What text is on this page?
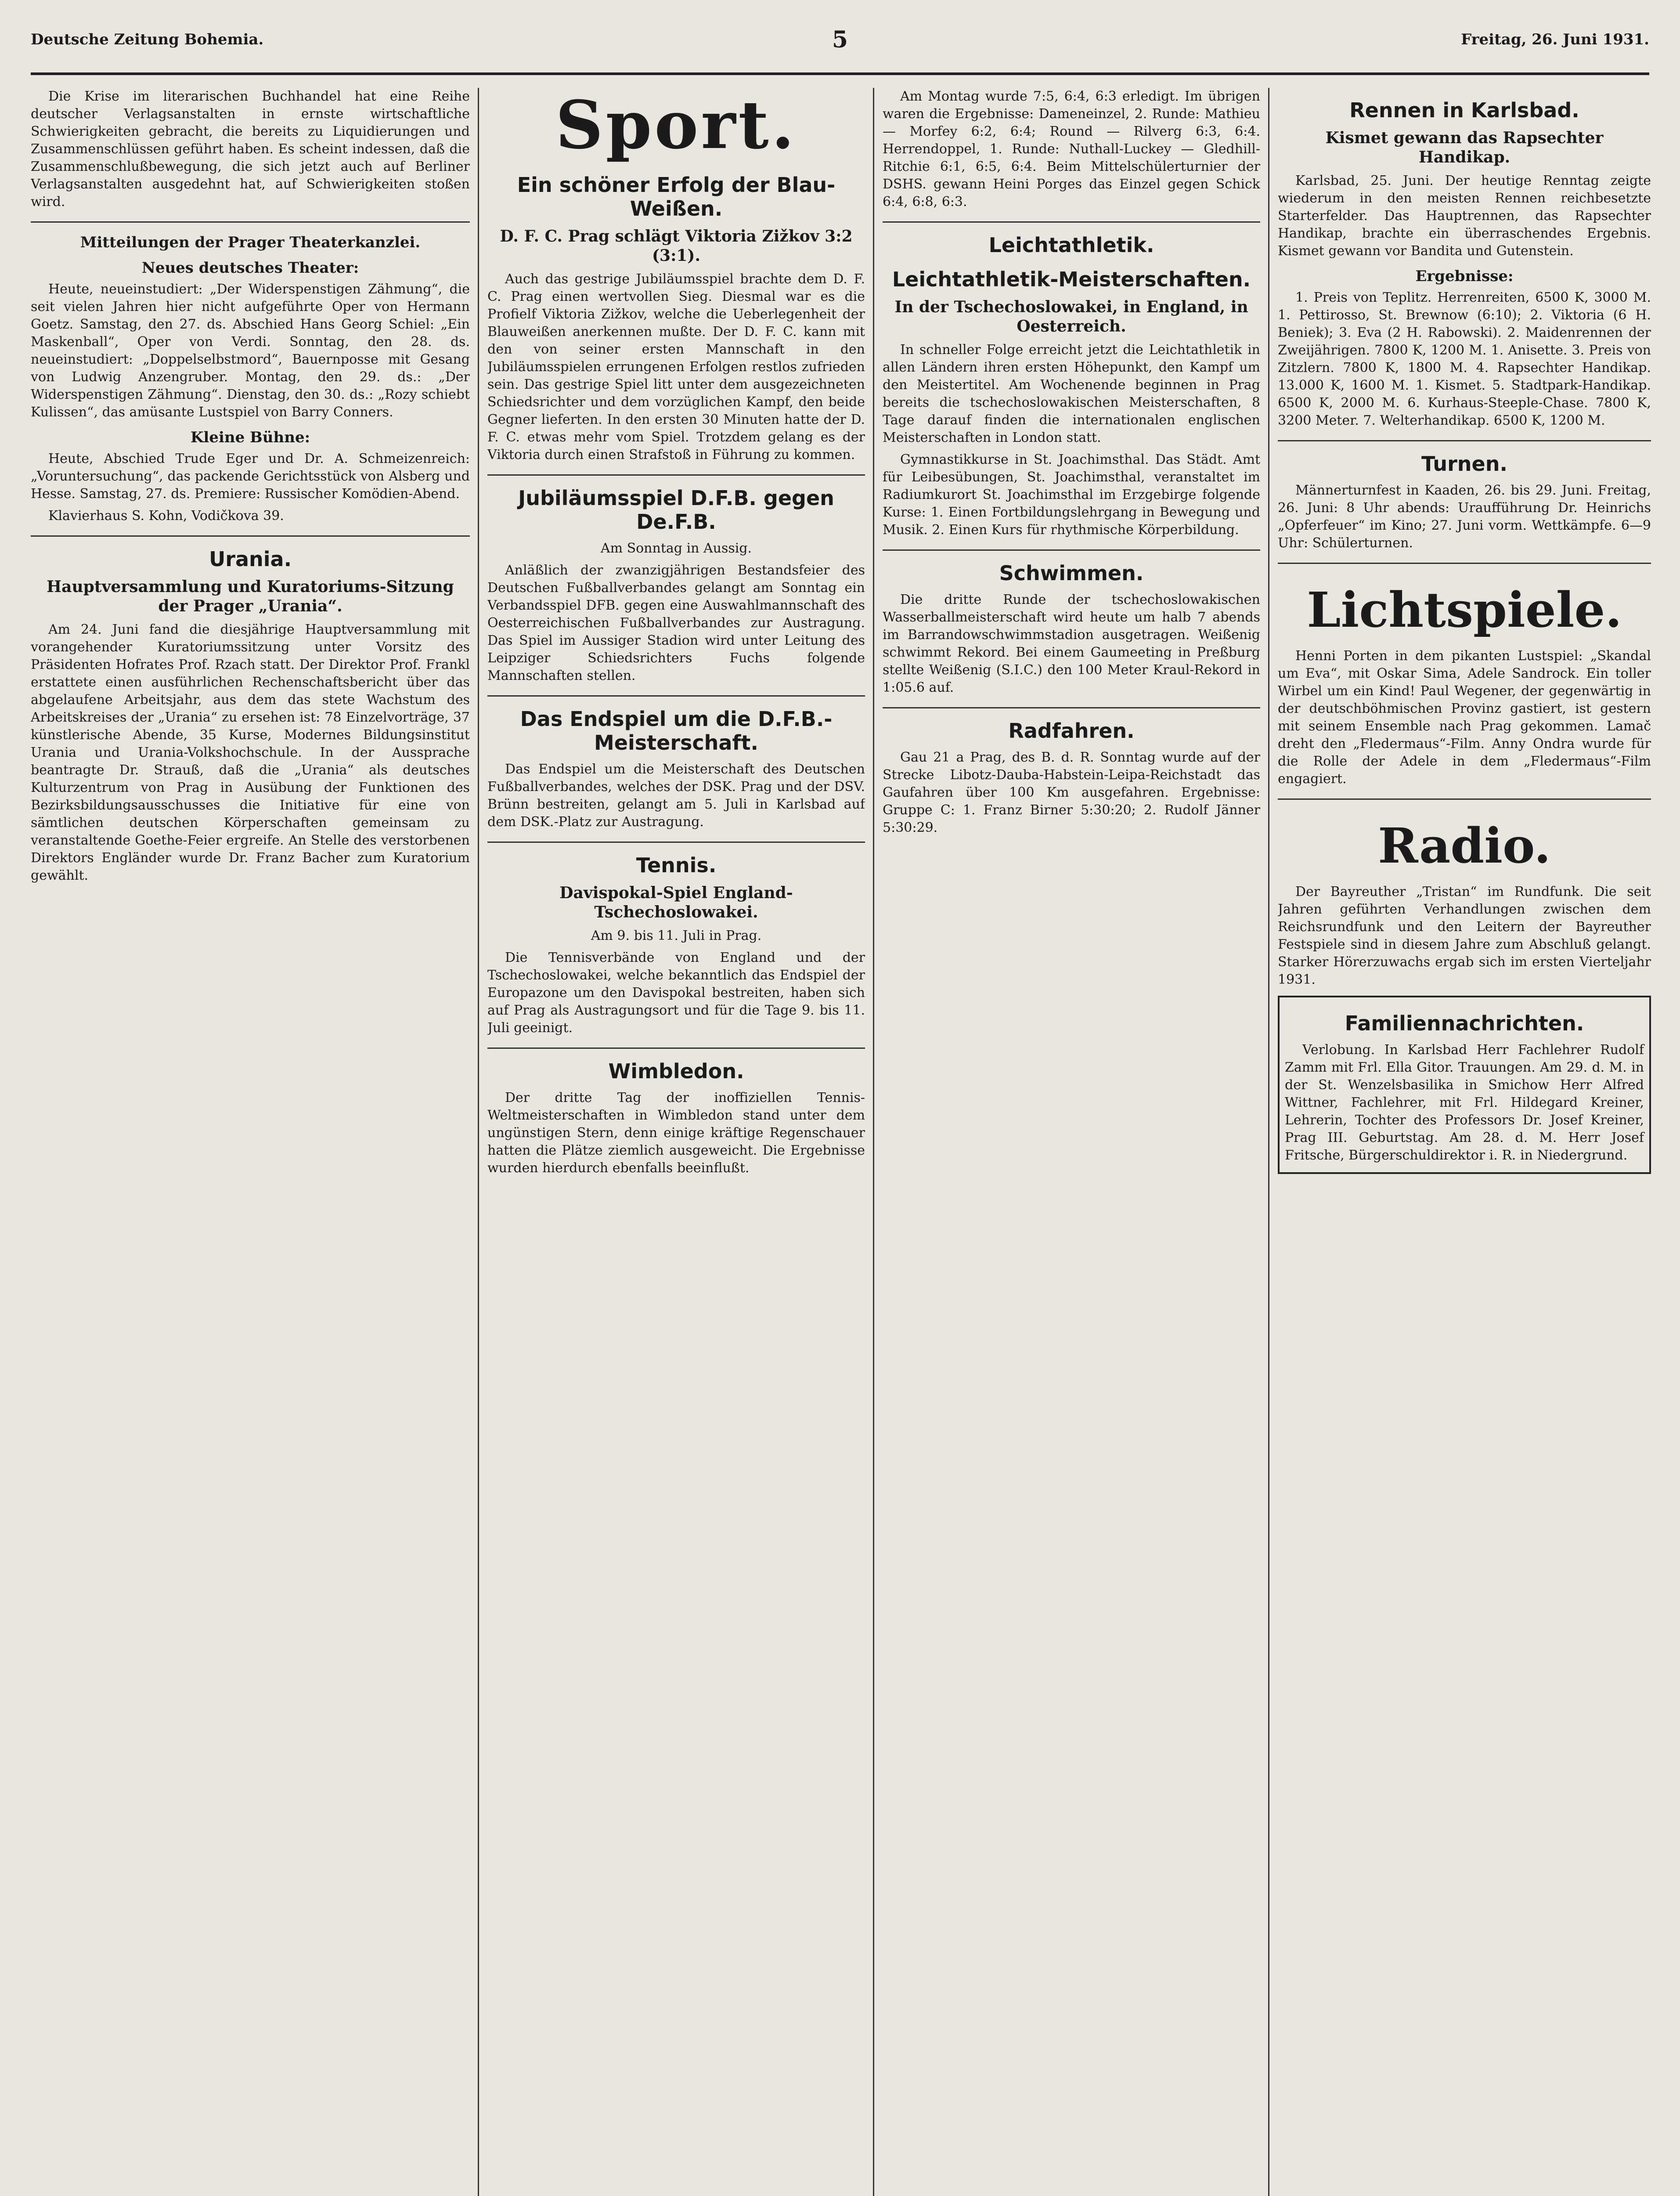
Deutsche Zeitung Bohemia.	5	Freitag, 26. Juni 1931.

Die Krise im literarischen Buchhandel hat eine Reihe deutscher Verlagsanstalten in ernste wirtschaftliche Schwierigkeiten gebracht, die bereits zu Liquidierungen und Zusammenschlüssen geführt haben. Es scheint indessen, daß die Zusammenschlußbewegung, die sich jetzt auch auf Berliner Verlagsanstalten ausgedehnt hat, auf Schwierigkeiten stoßen wird.

Mitteilungen der Prager Theaterkanzlei.
Neues deutsches Theater:

Heute, neueinstudiert: „Der Widerspenstigen Zähmung“, die seit vielen Jahren hier nicht aufgeführte Oper von Hermann Goetz. Samstag, den 27. ds. Abschied Hans Georg Schiel: „Ein Maskenball“, Oper von Verdi. Sonntag, den 28. ds. neueinstudiert: „Doppelselbstmord“, Bauernposse mit Gesang von Ludwig Anzengruber. Montag, den 29. ds.: „Der Widerspenstigen Zähmung“. Dienstag, den 30. ds.: „Rozy schiebt Kulissen“, das amüsante Lustspiel von Barry Conners.

Kleine Bühne:

Heute, Abschied Trude Eger und Dr. A. Schmeizenreich: „Voruntersuchung“, das packende Gerichtsstück von Alsberg und Hesse. Samstag, 27. ds. Premiere: Russischer Komödien-Abend.

Klavierhaus S. Kohn, Vodičkova 39.

Urania.
Hauptversammlung und Kuratoriums-Sitzung der Prager „Urania“.

Am 24. Juni fand die diesjährige Hauptversammlung mit vorangehender Kuratoriumssitzung unter Vorsitz des Präsidenten Hofrates Prof. Rzach statt. Der Direktor Prof. Frankl erstattete einen ausführlichen Rechenschaftsbericht über das abgelaufene Arbeitsjahr, aus dem das stete Wachstum des Arbeitskreises der „Urania“ zu ersehen ist: 78 Einzelvorträge, 37 künstlerische Abende, 35 Kurse, Modernes Bildungsinstitut Urania und Urania-Volkshochschule. In der Aussprache beantragte Dr. Strauß, daß die „Urania“ als deutsches Kulturzentrum von Prag in Ausübung der Funktionen des Bezirksbildungsausschusses die Initiative für eine von sämtlichen deutschen Körperschaften gemeinsam zu veranstaltende Goethe-Feier ergreife. An Stelle des verstorbenen Direktors Engländer wurde Dr. Franz Bacher zum Kuratorium gewählt.

Sport.
Ein schöner Erfolg der Blau-Weißen.
D. F. C. Prag schlägt Viktoria Zižkov 3:2 (3:1).

Auch das gestrige Jubiläumsspiel brachte dem D. F. C. Prag einen wertvollen Sieg. Diesmal war es die Profielf Viktoria Zižkov, welche die Ueberlegenheit der Blauweißen anerkennen mußte. Der D. F. C. kann mit den von seiner ersten Mannschaft in den Jubiläumsspielen errungenen Erfolgen restlos zufrieden sein. Das gestrige Spiel litt unter dem ausgezeichneten Schiedsrichter und dem vorzüglichen Kampf, den beide Gegner lieferten. In den ersten 30 Minuten hatte der D. F. C. etwas mehr vom Spiel. Trotzdem gelang es der Viktoria durch einen Strafstoß in Führung zu kommen.

Jubiläumsspiel D.F.B. gegen De.F.B.
Am Sonntag in Aussig.

Anläßlich der zwanzigjährigen Bestandsfeier des Deutschen Fußballverbandes gelangt am Sonntag ein Verbandsspiel DFB. gegen eine Auswahlmannschaft des Oesterreichischen Fußballverbandes zur Austragung. Das Spiel im Aussiger Stadion wird unter Leitung des Leipziger Schiedsrichters Fuchs folgende Mannschaften stellen.

Das Endspiel um die D.F.B.-Meisterschaft.

Das Endspiel um die Meisterschaft des Deutschen Fußballverbandes, welches der DSK. Prag und der DSV. Brünn bestreiten, gelangt am 5. Juli in Karlsbad auf dem DSK.-Platz zur Austragung.

Tennis.
Davispokal-Spiel England-Tschechoslowakei.
Am 9. bis 11. Juli in Prag.

Die Tennisverbände von England und der Tschechoslowakei, welche bekanntlich das Endspiel der Europazone um den Davispokal bestreiten, haben sich auf Prag als Austragungsort und für die Tage 9. bis 11. Juli geeinigt.

Wimbledon.

Der dritte Tag der inoffiziellen Tennis-Weltmeisterschaften in Wimbledon stand unter dem ungünstigen Stern, denn einige kräftige Regenschauer hatten die Plätze ziemlich ausgeweicht. Die Ergebnisse wurden hierdurch ebenfalls beeinflußt.

Am Montag wurde 7:5, 6:4, 6:3 erledigt. Im übrigen waren die Ergebnisse: Dameneinzel, 2. Runde: Mathieu — Morfey 6:2, 6:4; Round — Rilverg 6:3, 6:4. Herrendoppel, 1. Runde: Nuthall-Luckey — Gledhill-Ritchie 6:1, 6:5, 6:4. Beim Mittelschülerturnier der DSHS. gewann Heini Porges das Einzel gegen Schick 6:4, 6:8, 6:3.

Leichtathletik.
Leichtathletik-Meisterschaften.
In der Tschechoslowakei, in England, in Oesterreich.

In schneller Folge erreicht jetzt die Leichtathletik in allen Ländern ihren ersten Höhepunkt, den Kampf um den Meistertitel. Am Wochenende beginnen in Prag bereits die tschechoslowakischen Meisterschaften, 8 Tage darauf finden die internationalen englischen Meisterschaften in London statt.

Gymnastikkurse in St. Joachimsthal. Das Städt. Amt für Leibesübungen, St. Joachimsthal, veranstaltet im Radiumkurort St. Joachimsthal im Erzgebirge folgende Kurse: 1. Einen Fortbildungslehrgang in Bewegung und Musik. 2. Einen Kurs für rhythmische Körperbildung.

Schwimmen.

Die dritte Runde der tschechoslowakischen Wasserballmeisterschaft wird heute um halb 7 abends im Barrandowschwimmstadion ausgetragen. Weißenig schwimmt Rekord. Bei einem Gaumeeting in Preßburg stellte Weißenig (S.I.C.) den 100 Meter Kraul-Rekord in 1:05.6 auf.

Radfahren.

Gau 21 a Prag, des B. d. R. Sonntag wurde auf der Strecke Libotz-Dauba-Habstein-Leipa-Reichstadt das Gaufahren über 100 Km ausgefahren. Ergebnisse: Gruppe C: 1. Franz Birner 5:30:20; 2. Rudolf Jänner 5:30:29.

Rennen in Karlsbad.
Kismet gewann das Rapsechter Handikap.

Karlsbad, 25. Juni. Der heutige Renntag zeigte wiederum in den meisten Rennen reichbesetzte Starterfelder. Das Hauptrennen, das Rapsechter Handikap, brachte ein überraschendes Ergebnis. Kismet gewann vor Bandita und Gutenstein.

Ergebnisse:

1. Preis von Teplitz. Herrenreiten, 6500 K, 3000 M. 1. Pettirosso, St. Brewnow (6:10); 2. Viktoria (6 H. Beniek); 3. Eva (2 H. Rabowski). 2. Maidenrennen der Zweijährigen. 7800 K, 1200 M. 1. Anisette. 3. Preis von Zitzlern. 7800 K, 1800 M. 4. Rapsechter Handikap. 13.000 K, 1600 M. 1. Kismet. 5. Stadtpark-Handikap. 6500 K, 2000 M. 6. Kurhaus-Steeple-Chase. 7800 K, 3200 Meter. 7. Welterhandikap. 6500 K, 1200 M.

Turnen.

Männerturnfest in Kaaden, 26. bis 29. Juni. Freitag, 26. Juni: 8 Uhr abends: Uraufführung Dr. Heinrichs „Opferfeuer“ im Kino; 27. Juni vorm. Wettkämpfe. 6—9 Uhr: Schülerturnen.

Lichtspiele.

Henni Porten in dem pikanten Lustspiel: „Skandal um Eva“, mit Oskar Sima, Adele Sandrock. Ein toller Wirbel um ein Kind! Paul Wegener, der gegenwärtig in der deutschböhmischen Provinz gastiert, ist gestern mit seinem Ensemble nach Prag gekommen. Lamač dreht den „Fledermaus“-Film. Anny Ondra wurde für die Rolle der Adele in dem „Fledermaus“-Film engagiert.

Radio.

Der Bayreuther „Tristan“ im Rundfunk. Die seit Jahren geführten Verhandlungen zwischen dem Reichsrundfunk und den Leitern der Bayreuther Festspiele sind in diesem Jahre zum Abschluß gelangt. Starker Hörerzuwachs ergab sich im ersten Vierteljahr 1931.

Familiennachrichten.

Verlobung. In Karlsbad Herr Fachlehrer Rudolf Zamm mit Frl. Ella Gitor. Trauungen. Am 29. d. M. in der St. Wenzelsbasilika in Smichow Herr Alfred Wittner, Fachlehrer, mit Frl. Hildegard Kreiner, Lehrerin, Tochter des Professors Dr. Josef Kreiner, Prag III. Geburtstag. Am 28. d. M. Herr Josef Fritsche, Bürgerschuldirektor i. R. in Niedergrund.
